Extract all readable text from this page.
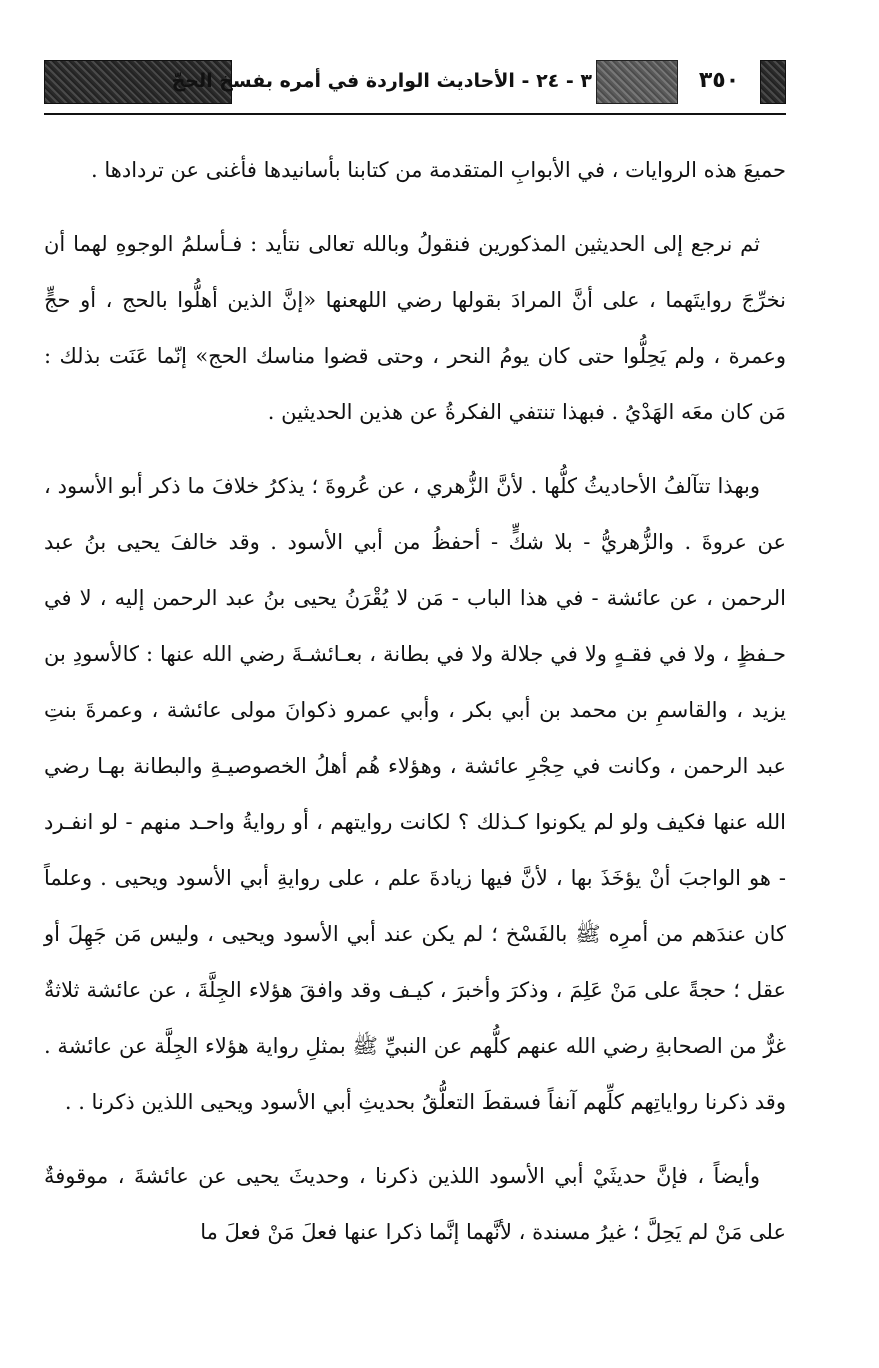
٣ - ٢٤ - الأحاديث الواردة في أمره بفسخ الحجّ	٣٥٠

حميعَ هذه الروايات ، في الأبوابِ المتقدمة من كتابنا بأسانيدها فأغنى عن تردادها .

ثم نرجع إلى الحديثين المذكورين فنقولُ وبالله تعالى نتأيد : فـأسلمُ الوجوهِ لهما أن نخرِّجَ روايتَهما ، على أنَّ المرادَ بقولها رضي اللهعنها «إنَّ الذين أهلُّوا بالحج ، أو حجٍّ وعمرة ، ولم يَحِلُّوا حتى كان يومُ النحر ، وحتى قضوا مناسك الحج» إنّما عَنَت بذلك : مَن كان معَه الهَدْيُ . فبهذا تنتفي الفكرةُ عن هذين الحديثين .

وبهذا تتآلفُ الأحاديثُ كلُّها . لأنَّ الزُّهري ، عن عُروةَ ؛ يذكرُ خلافَ ما ذكر أبو الأسود ، عن عروةَ . والزُّهريُّ - بلا شكٍّ - أحفظُ من أبي الأسود . وقد خالفَ يحيى بنُ عبد الرحمن ، عن عائشة - في هذا الباب - مَن لا يُقْرَنُ يحيى بنُ عبد الرحمن إليه ، لا في حـفظٍ ، ولا في فقـهٍ ولا في جلالة ولا في بطانة ، بعـائشـةَ رضي الله عنها : كالأسودِ بن يزيد ، والقاسمِ بن محمد بن أبي بكر ، وأبي عمرو ذكوانَ مولى عائشة ، وعمرةَ بنتِ عبد الرحمن ، وكانت في حِجْرِ عائشة ، وهؤلاء هُم أهلُ الخصوصيـةِ والبطانة بهـا رضي الله عنها فكيف ولو لم يكونوا كـذلك ؟ لكانت روايتهم ، أو روايةُ واحـد منهم - لو انفـرد - هو الواجبَ أنْ يؤخَذَ بها ، لأنَّ فيها زيادةَ علم ، على روايةِ أبي الأسود ويحيى . وعلماً كان عندَهم من أمرِه ﷺ بالفَسْخ ؛ لم يكن عند أبي الأسود ويحيى ، وليس مَن جَهِلَ أو عقل ؛ حجةً على مَنْ عَلِمَ ، وذكرَ وأخبرَ ، كيـف وقد وافقَ هؤلاء الجِلَّةَ ، عن عائشة ثلاثةٌ غرٌّ من الصحابةِ رضي الله عنهم كلُّهم عن النبيِّ ﷺ بمثلِ رواية هؤلاء الجِلَّة عن عائشة . وقد ذكرنا رواياتِهم كلِّهم آنفاً فسقطَ التعلُّقُ بحديثِ أبي الأسود ويحيى اللذين ذكرنا . .

وأيضاً ، فإنَّ حديثَيْ أبي الأسود اللذين ذكرنا ، وحديثَ يحيى عن عائشةَ ، موقوفةٌ على مَنْ لم يَحِلَّ ؛ غيرُ مسندة ، لأنَّهما إنَّما ذكرا عنها فعلَ مَنْ فعلَ ما
